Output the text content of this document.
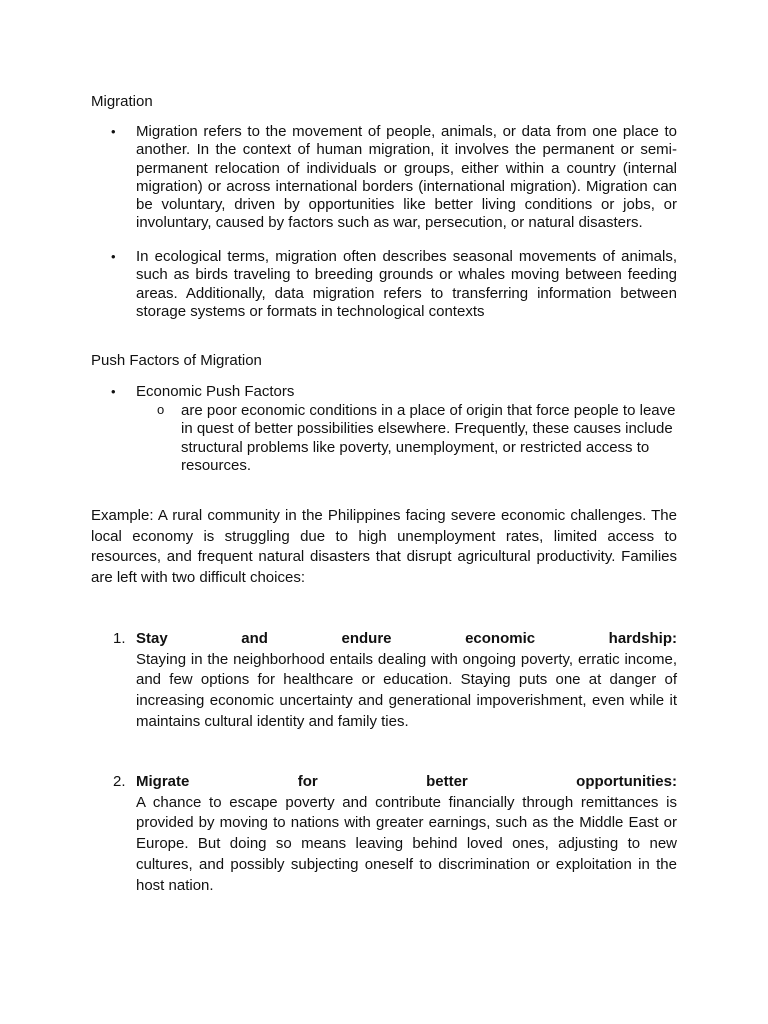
Migration

• Migration refers to the movement of people, animals, or data from one place to another. In the context of human migration, it involves the permanent or semi-permanent relocation of individuals or groups, either within a country (internal migration) or across international borders (international migration). Migration can be voluntary, driven by opportunities like better living conditions or jobs, or involuntary, caused by factors such as war, persecution, or natural disasters.

• In ecological terms, migration often describes seasonal movements of animals, such as birds traveling to breeding grounds or whales moving between feeding areas. Additionally, data migration refers to transferring information between storage systems or formats in technological contexts

Push Factors of Migration

• Economic Push Factors

o are poor economic conditions in a place of origin that force people to leave in quest of better possibilities elsewhere. Frequently, these causes include structural problems like poverty, unemployment, or restricted access to resources.

Example: A rural community in the Philippines facing severe economic challenges. The local economy is struggling due to high unemployment rates, limited access to resources, and frequent natural disasters that disrupt agricultural productivity. Families are left with two difficult choices:

1. Stay	and	endure	economic	hardship:
Staying in the neighborhood entails dealing with ongoing poverty, erratic income, and few options for healthcare or education. Staying puts one at danger of increasing economic uncertainty and generational impoverishment, even while it maintains cultural identity and family ties.
2. Migrate	for	better	opportunities:
A chance to escape poverty and contribute financially through remittances is provided by moving to nations with greater earnings, such as the Middle East or Europe. But doing so means leaving behind loved ones, adjusting to new cultures, and possibly subjecting oneself to discrimination or exploitation in the host nation.
